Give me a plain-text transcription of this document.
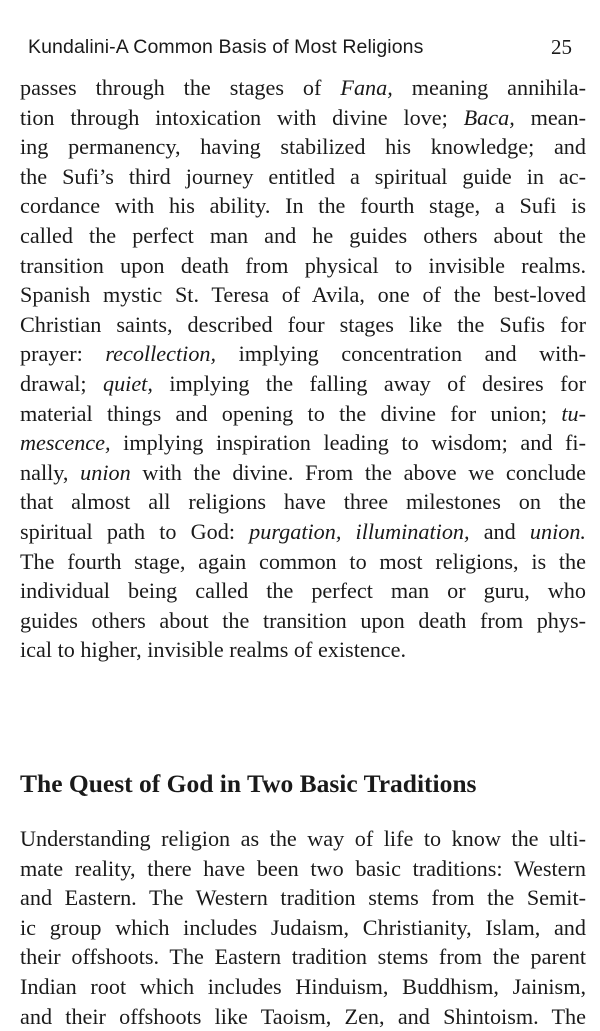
Kundalini-A Common Basis of Most Religions	25
passes through the stages of Fana, meaning annihila-
tion through intoxication with divine love; Baca, mean-
ing permanency, having stabilized his knowledge; and
the Sufi’s third journey entitled a spiritual guide in ac-
cordance with his ability. In the fourth stage, a Sufi is
called the perfect man and he guides others about the
transition upon death from physical to invisible realms.
Spanish mystic St. Teresa of Avila, one of the best-loved
Christian saints, described four stages like the Sufis for
prayer: recollection, implying concentration and with-
drawal; quiet, implying the falling away of desires for
material things and opening to the divine for union; tu-
mescence, implying inspiration leading to wisdom; and fi-
nally, union with the divine. From the above we conclude
that almost all religions have three milestones on the
spiritual path to God: purgation, illumination, and union.
The fourth stage, again common to most religions, is the
individual being called the perfect man or guru, who
guides others about the transition upon death from phys-
ical to higher, invisible realms of existence.
The Quest of God in Two Basic Traditions
Understanding religion as the way of life to know the ulti-
mate reality, there have been two basic traditions: Western
and Eastern. The Western tradition stems from the Semit-
ic group which includes Judaism, Christianity, Islam, and
their offshoots. The Eastern tradition stems from the parent
Indian root which includes Hinduism, Buddhism, Jainism,
and their offshoots like Taoism, Zen, and Shintoism. The
